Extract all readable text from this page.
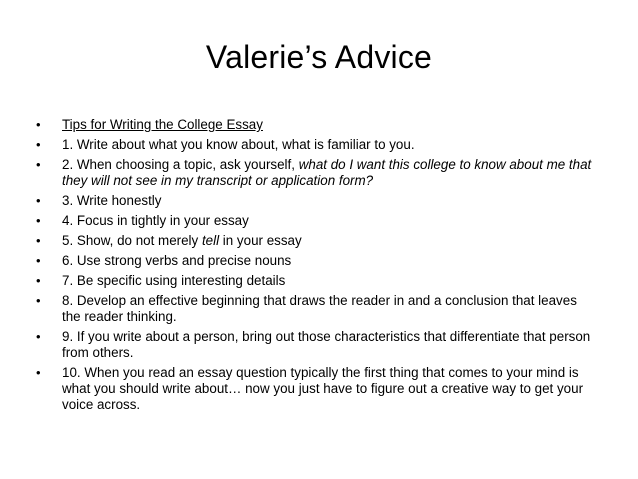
Valerie’s Advice
•	Tips for Writing the College Essay
•	1. Write about what you know about, what is familiar to you.
•	2. When choosing a topic, ask yourself, what do I want this college to know about me that they will not see in my transcript or application form?
•	3. Write honestly
•	4. Focus in tightly in your essay
•	5. Show, do not merely tell in your essay
•	6. Use strong verbs and precise nouns
•	7. Be specific using interesting details
•	8. Develop an effective beginning that draws the reader in and a conclusion that leaves the reader thinking.
•	9. If you write about a person, bring out those characteristics that differentiate that person from others.
•	10. When you read an essay question typically the first thing that comes to your mind is what you should write about… now you just have to figure out a creative way to get your voice across.
